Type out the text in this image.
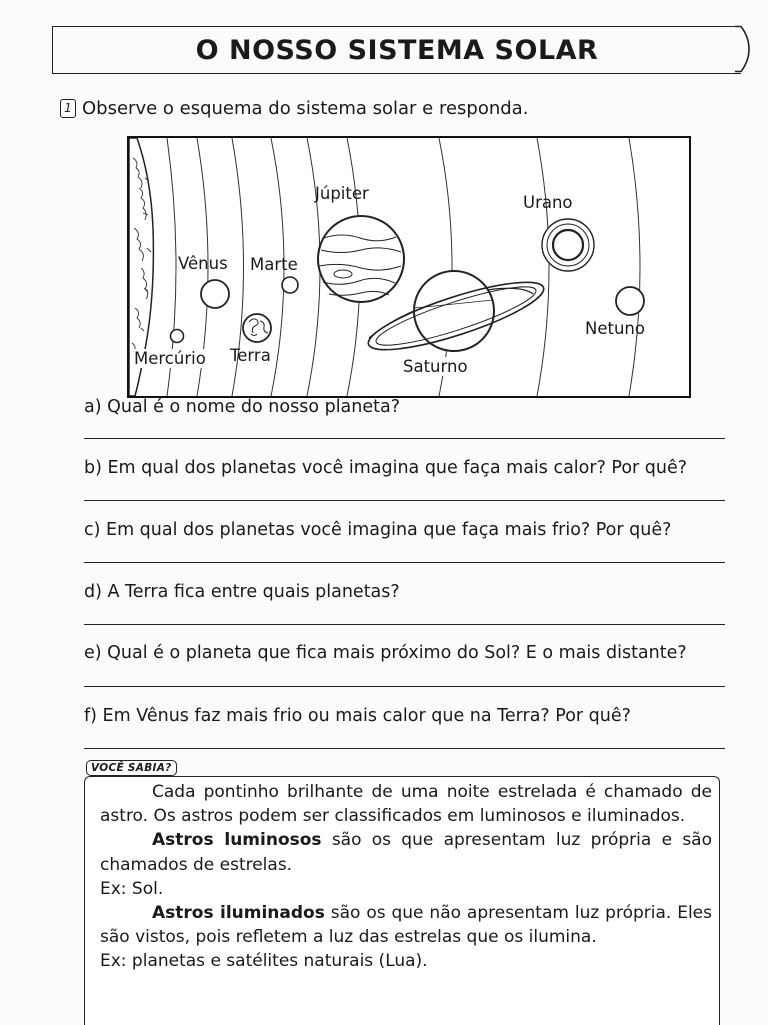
O NOSSO SISTEMA SOLAR
1 Observe o esquema do sistema solar e responda.
Júpiter	Urano
Vênus Marte
Netuno
Mercúrio Terra
Saturno
a) Qual é o nome do nosso planeta?
b) Em qual dos planetas você imagina que faça mais calor? Por quê?
c) Em qual dos planetas você imagina que faça mais frio? Por quê?
d) A Terra fica entre quais planetas?
e) Qual é o planeta que fica mais próximo do Sol? E o mais distante?
f) Em Vênus faz mais frio ou mais calor que na Terra? Por quê?
VOCÊ SABIA?

Cada pontinho brilhante de uma noite estrelada é chamado de astro. Os astros podem ser classificados em luminosos e iluminados.

Astros luminosos são os que apresentam luz própria e são chamados de estrelas.

Ex: Sol.

Astros iluminados são os que não apresentam luz própria. Eles são vistos, pois refletem a luz das estrelas que os ilumina.

Ex: planetas e satélites naturais (Lua).
